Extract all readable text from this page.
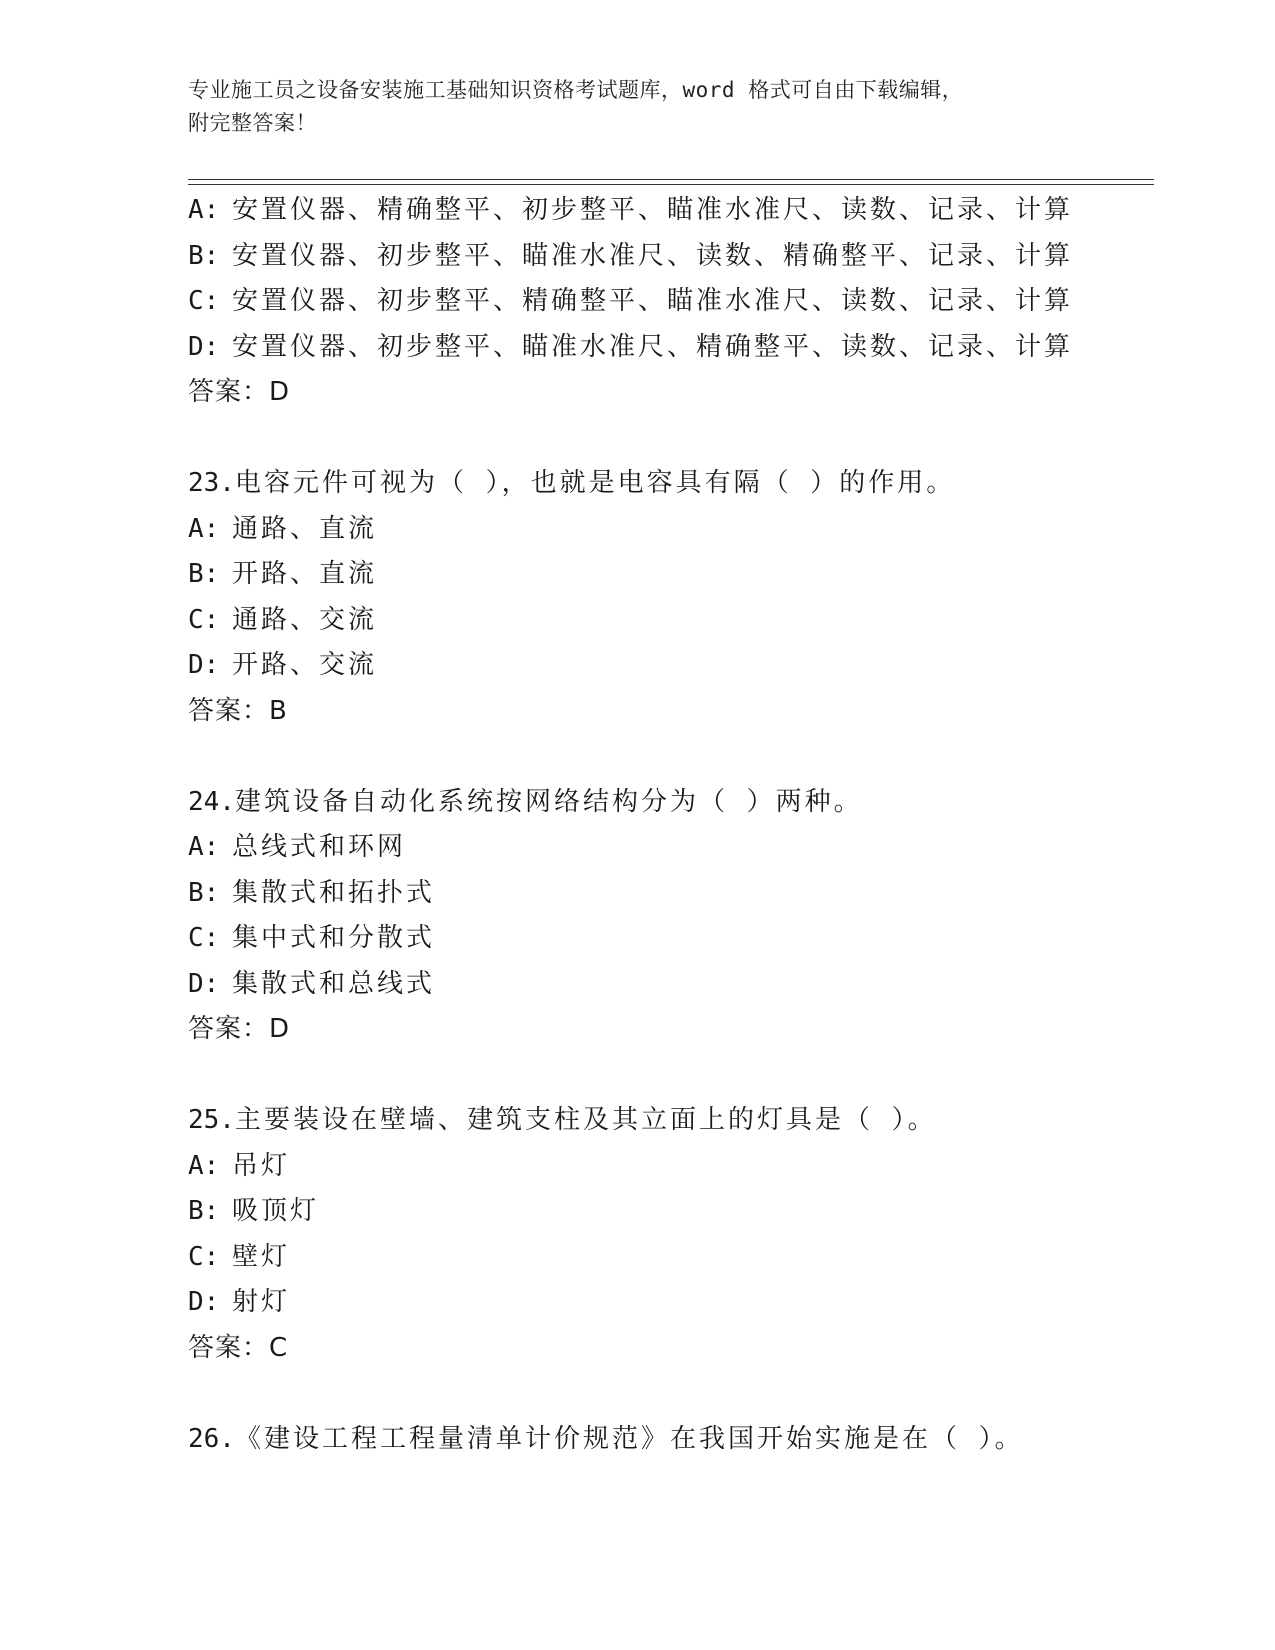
专业施工员之设备安装施工基础知识资格考试题库，word 格式可自由下载编辑，
附完整答案！
A: 安置仪器、精确整平、初步整平、瞄准水准尺、读数、记录、计算
B: 安置仪器、初步整平、瞄准水准尺、读数、精确整平、记录、计算
C: 安置仪器、初步整平、精确整平、瞄准水准尺、读数、记录、计算
D: 安置仪器、初步整平、瞄准水准尺、精确整平、读数、记录、计算
答案：D
23.电容元件可视为（ ），也就是电容具有隔（ ）的作用。
A: 通路、直流
B: 开路、直流
C: 通路、交流
D: 开路、交流
答案：B
24.建筑设备自动化系统按网络结构分为（ ）两种。
A: 总线式和环网
B: 集散式和拓扑式
C: 集中式和分散式
D: 集散式和总线式
答案：D
25.主要装设在壁墙、建筑支柱及其立面上的灯具是（ ）。
A: 吊灯
B: 吸顶灯
C: 壁灯
D: 射灯
答案：C
26.《建设工程工程量清单计价规范》在我国开始实施是在（ ）。
